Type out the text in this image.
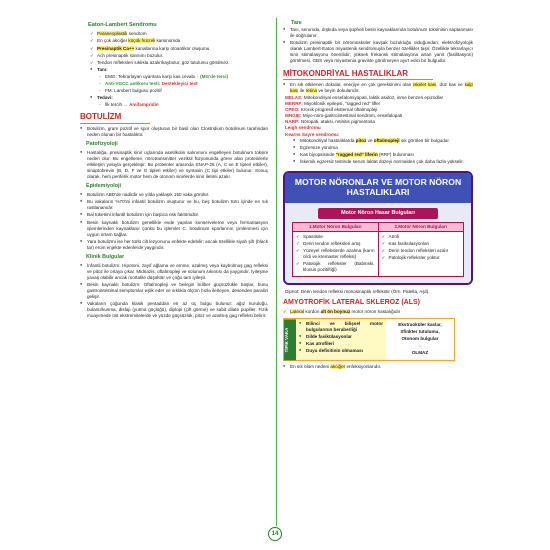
Eaton-Lambert Sendromu
✓ Paraneoplastik sendrom
✓ En çok akciğer küçük hücreli karsinomda
✓ Presinaptik Ca++ kanallarına karşı otoantikor oluşumu
✓ Ach presinaptik salınımı bozulur.
✓ Tendon refleksleri sıklıkla azalır/kaybolur, göz tutulumu görülmez.
● Tanı:
- EMG: Tekrarlayan uyarılara karşı kas cevabı ↑ (MG'de tersi)
- Anti-VGCC antikoru testi: Destekleyici test
- FM: Lambert bulgusu pozitif
● Tedavi:
- İlk tercih → Amifampridin
BOTULİZM
● Botulizm, gram pozitif ve spor oluşturan bir basil olan Clostridium botulinum tarafından neden olunan bir hastalıktır.
Patofizyoloji
● Hastalığa, presinaptik sinir uçlarında asetilkolin salınımını engelleyen botulinum toksini neden olur. Bu engelleme, nörotransmitter vezikül füzyonunda görev alan proteinlerle etkileşim yoluyla gerçekleşir. Bu proteinler arasında SNAP-25 (A, C ve E tipleri etkiler), sinaptobrevin (B, D, F ve G tipleri etkiler) ve syntaxin (C tipi etkiler) bulunur. Sonuç olarak, hem periferik motor hem de otonom sinirlerde sinir iletimi azalır.
Epidemiyoloji
● Botulizm ABD'de nadirdir ve yılda yaklaşık 150 vaka görülür.
● Bu vakaların %70'ini infantil botulizm oluşturur ve bu, beş botulizm türü içinde en sık rastlananıdır.
● Bal tüketimi infantil botulizm için başlıca risk faktörüdür.
● Besin kaynaklı botulizm genellikle evde yapılan konserveleme veya fermantasyon işlemlerinden kaynaklanır çünkü bu işlemler C. botulinum sporlarının çimlenmesi için uygun ortam sağlar.
● Yara botulizmi ise her türlü cilt lezyonunu enfekte edebilir; ancak özellikle siyah şifr (black tar) eroin enjekte edenlerde yaygındır.
Klinik Bulgular
● İnfantil botulizm: Hipotoni, zayıf ağlama ve emme, azalmış veya kaybolmuş gag refleksi ve pitoz ile ortaya çıkar. Midriazis, oftalmopleji ve solunum sıkıntısı da yaygındır. İyileşme yavaş olabilir ancak mortalite düşüktür ve çoğu tam iyileşir.
● Besin kaynaklı botulizm: Oftalmopleji ve belirgin bulber güçsüzlükle başlar, bunu gastrointestinal semptomlar eşlik eder ve sıklıkla ölçüm hızla ilerleyen, desenden paralizi gelişir.
● Vakaların çoğunda klasik pentaddan en az üç bulgu bulunur: ağız kuruluğu, bulantı/kusma, disfaji (yutma güçlüğü), diplopi (çift görme) ve sabit dilate pupiller. Fizik muayenede üst ekstremitelerde ve yüzde güçsüzlük, pitoz ve azalmış gag refleksi belirir.
Tanı
● Tanı, serumda, dışkıda veya şüpheli besin kaynaklarında botulinum toksininin saptanması ile doğrulanır.
● Botulizm presinaptik bir nöromüsküler kavşak bozukluğu olduğundan, elektrofizyolojik olarak Lambert-Eaton miyastenik sendromuyla benzer özellikler taşır. Özellikle tekrarlayıcı sinir stimülasyonu önemlidir; yüksek frekanslı stimülasyona artan yanıt (fasilitasyon) görülmesi, GBS veya miyastenia graviste görülmeyen ayırt edici bir bulgudur.
MİTOKONDRİYAL HASTALIKLAR
● En sık etkilenen dokular, enerjiye en çok gereksinimi olan iskelet kası, düz kas ve kalp kası ile retina ve beyin dokularıdır.
MELAS: Mitokondriyal ensefalomiyopati, laktik asidoz, inme benzeri epizodlar
MERRF: Miyoklonik epilepsi, "ragged red" lifler
CPEO: Kronik progresif eksternal oftalmopleji
MNGIE: Miyo-nöro-gastrointestinal sendrom, ensefalopati
NARP: Nöropati, ataksi, retinitis pigmentosa
Leigh sendromu
Kearns Sayre sendromu:
● Mitokondriyal hastalıklarda pitoz ve oftalmopleji sık görülen bir bulgudur.
● Egzersize yorulma
● Kas biyopsisinde "ragged red" liferin (RRF) bulunması
● İskemik egzersiz testinde serum laktat düzeyi normalden çok daha fazla yükselir.
MOTOR NÖRONLAR VE MOTOR NÖRON HASTALIKLARI
Motor Nöron Hasar Bulguları
1.Motor Nöron Bulguları
✓ Spastisite
✓ Derin tendon refleksleri artış
✓ Yüzeyel reflekslerde azalma (karın cildi ve kremaster refleksi)
✓ Patolojik refleksler (Babinski, klonus pozitifliği)
2.Motor Nöron Bulguları
✓ Atrofi
✓ Kas fasikülasyonları
✓ Derin tendon refleksleri azalır
✓ Patolojik refleksler yoktur.

Dipnot: Derin tendon refleksi monosinaptik reflekstir (Örn. Patella, Aşil).

AMYOTROFİK LATERAL SKLEROZ (ALS)
✓ Lateral kordon alt ön boynuz motor nöron hastalığıdır
TİPİK VAKA
● Bilinci ve bilişsel motor bulgularının beraberliği
● Dilde fasikülasyonlar
● Kas atrofileri
● Duyu defisitinin olmaması
Ekstraoküler kaslar,
Sfinkter tutulumu,
Otonom bulgular
↓
OLMAZ
● En sık ölüm nedeni akciğer enfeksiyonlarıdır.
14
